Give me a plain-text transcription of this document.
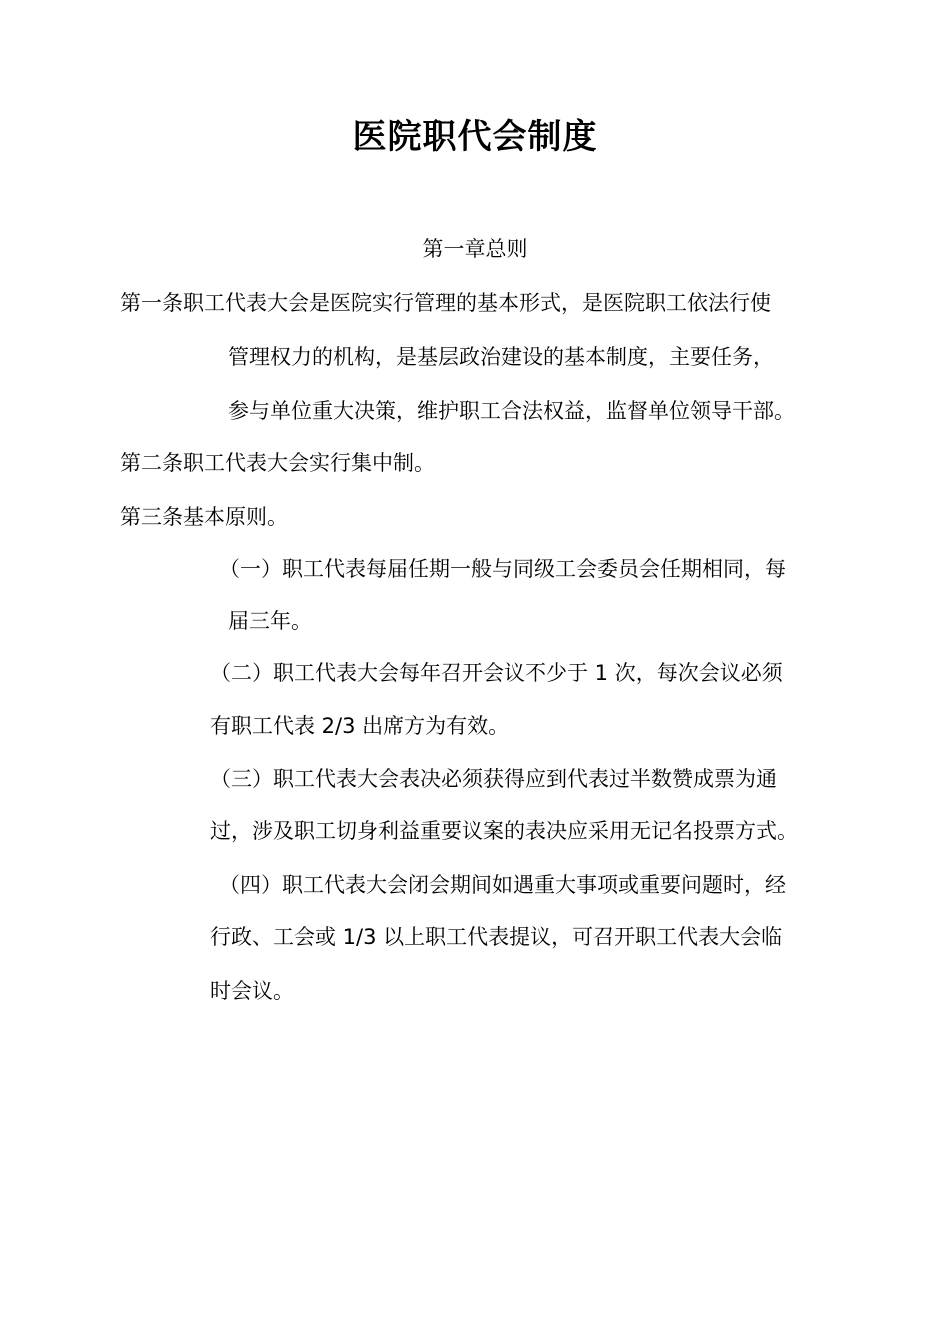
医院职代会制度
第一章总则
第一条职工代表大会是医院实行管理的基本形式，是医院职工依法行使
管理权力的机构，是基层政治建设的基本制度，主要任务，
参与单位重大决策，维护职工合法权益，监督单位领导干部。
第二条职工代表大会实行集中制。
第三条基本原则。
（一）职工代表每届任期一般与同级工会委员会任期相同，每
届三年。
（二）职工代表大会每年召开会议不少于 1 次，每次会议必须
有职工代表 2/3 出席方为有效。
（三）职工代表大会表决必须获得应到代表过半数赞成票为通
过，涉及职工切身利益重要议案的表决应采用无记名投票方式。
（四）职工代表大会闭会期间如遇重大事项或重要问题时，经
行政、工会或 1/3 以上职工代表提议，可召开职工代表大会临
时会议。
